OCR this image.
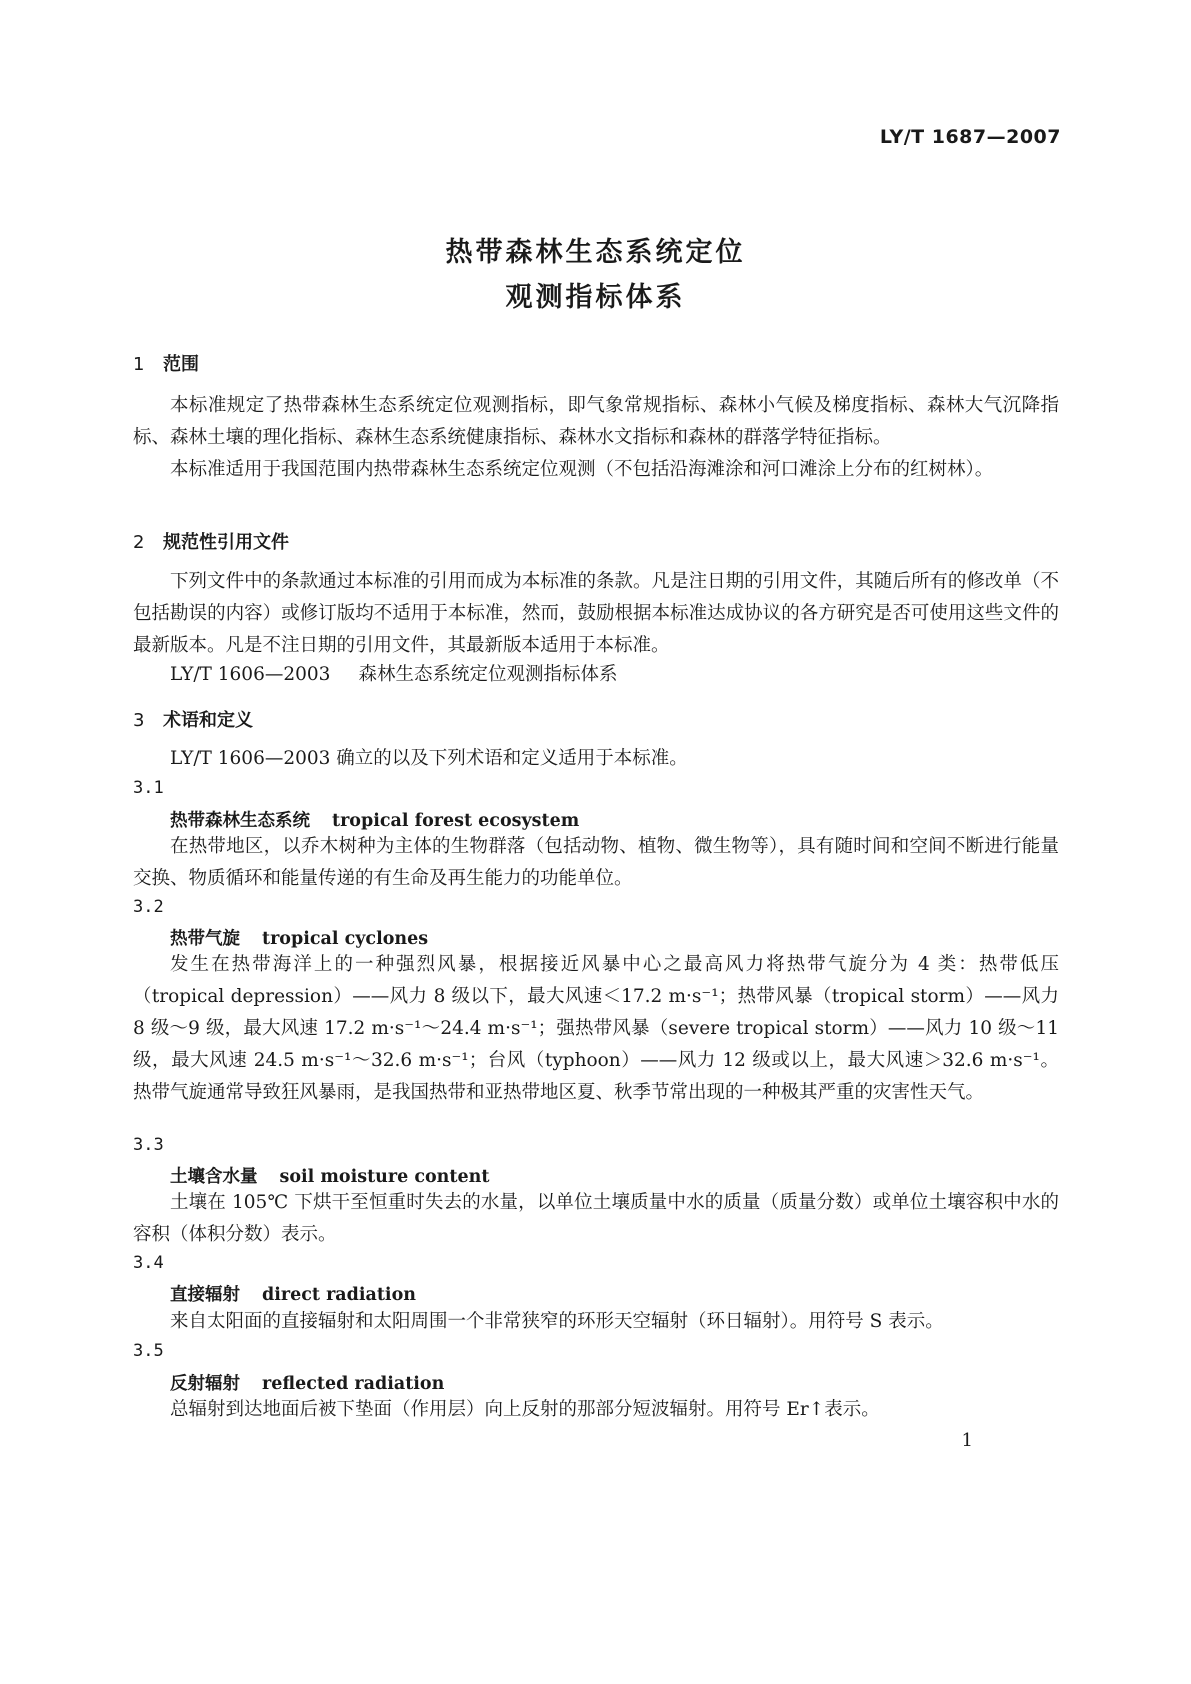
LY/T 1687—2007
热带森林生态系统定位
观测指标体系
1 范围
本标准规定了热带森林生态系统定位观测指标，即气象常规指标、森林小气候及梯度指标、森林大气沉降指标、森林土壤的理化指标、森林生态系统健康指标、森林水文指标和森林的群落学特征指标。
本标准适用于我国范围内热带森林生态系统定位观测（不包括沿海滩涂和河口滩涂上分布的红树林）。
2 规范性引用文件
下列文件中的条款通过本标准的引用而成为本标准的条款。凡是注日期的引用文件，其随后所有的修改单（不包括勘误的内容）或修订版均不适用于本标准，然而，鼓励根据本标准达成协议的各方研究是否可使用这些文件的最新版本。凡是不注日期的引用文件，其最新版本适用于本标准。
LY/T 1606—2003 森林生态系统定位观测指标体系
3 术语和定义
LY/T 1606—2003 确立的以及下列术语和定义适用于本标准。
3.1
热带森林生态系统 tropical forest ecosystem
在热带地区，以乔木树种为主体的生物群落（包括动物、植物、微生物等），具有随时间和空间不断进行能量交换、物质循环和能量传递的有生命及再生能力的功能单位。
3.2
热带气旋 tropical cyclones
发生在热带海洋上的一种强烈风暴，根据接近风暴中心之最高风力将热带气旋分为 4 类：热带低压（tropical depression）——风力 8 级以下，最大风速＜17.2 m·s⁻¹；热带风暴（tropical storm）——风力 8 级～9 级，最大风速 17.2 m·s⁻¹～24.4 m·s⁻¹；强热带风暴（severe tropical storm）——风力 10 级～11 级，最大风速 24.5 m·s⁻¹～32.6 m·s⁻¹；台风（typhoon）——风力 12 级或以上，最大风速＞32.6 m·s⁻¹。热带气旋通常导致狂风暴雨，是我国热带和亚热带地区夏、秋季节常出现的一种极其严重的灾害性天气。
3.3
土壤含水量 soil moisture content
土壤在 105℃ 下烘干至恒重时失去的水量，以单位土壤质量中水的质量（质量分数）或单位土壤容积中水的容积（体积分数）表示。
3.4
直接辐射 direct radiation
来自太阳面的直接辐射和太阳周围一个非常狭窄的环形天空辐射（环日辐射）。用符号 S 表示。
3.5
反射辐射 reflected radiation
总辐射到达地面后被下垫面（作用层）向上反射的那部分短波辐射。用符号 Er↑表示。
1
